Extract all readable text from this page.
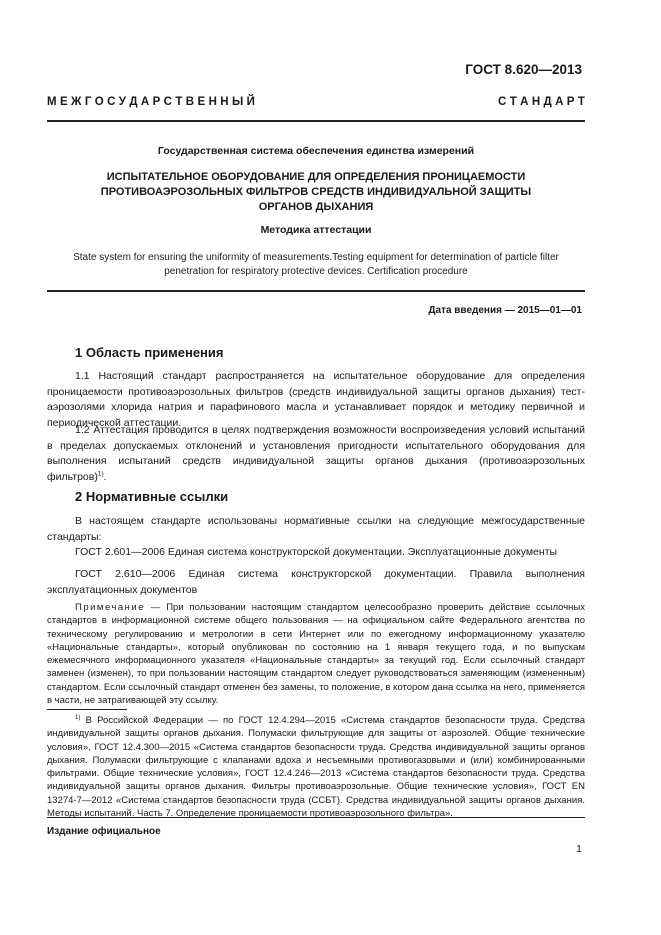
ГОСТ 8.620—2013
М Е Ж Г О С У Д А Р С Т В Е Н Н Ы Й	С Т А Н Д А Р Т
Государственная система обеспечения единства измерений
ИСПЫТАТЕЛЬНОЕ ОБОРУДОВАНИЕ ДЛЯ ОПРЕДЕЛЕНИЯ ПРОНИЦАЕМОСТИ
ПРОТИВОАЭРОЗОЛЬНЫХ ФИЛЬТРОВ СРЕДСТВ ИНДИВИДУАЛЬНОЙ ЗАЩИТЫ
ОРГАНОВ ДЫХАНИЯ
Методика аттестации
State system for ensuring the uniformity of measurements.Testing equipment for determination of particle filter
penetration for respiratory protective devices. Certification procedure
Дата введения — 2015—01—01
1 Область применения
1.1 Настоящий стандарт распространяется на испытательное оборудование для определения проницаемости противоаэрозольных фильтров (средств индивидуальной защиты органов дыхания) тест-аэрозолями хлорида натрия и парафинового масла и устанавливает порядок и методику первичной и периодической аттестации.
1.2 Аттестация проводится в целях подтверждения возможности воспроизведения условий испытаний в пределах допускаемых отклонений и установления пригодности испытательного оборудования для выполнения испытаний средств индивидуальной защиты органов дыхания (противоаэрозольных фильтров)$^{1)}$.
2 Нормативные ссылки
В настоящем стандарте использованы нормативные ссылки на следующие межгосударственные стандарты:
ГОСТ 2.601—2006 Единая система конструкторской документации. Эксплуатационные документы
ГОСТ 2.610—2006 Единая система конструкторской документации. Правила выполнения эксплуатационных документов
Примечание — При пользовании настоящим стандартом целесообразно проверить действие ссылочных стандартов в информационной системе общего пользования — на официальном сайте Федерального агентства по техническому регулированию и метрологии в сети Интернет или по ежегодному информационному указателю «Национальные стандарты», который опубликован по состоянию на 1 января текущего года, и по выпускам ежемесячного информационного указателя «Национальные стандарты» за текущий год. Если ссылочный стандарт заменен (изменен), то при пользовании настоящим стандартом следует руководствоваться заменяющим (измененным) стандартом. Если ссылочный стандарт отменен без замены, то положение, в котором дана ссылка на него, применяется в части, не затрагивающей эту ссылку.
$^{1)}$ В Российской Федерации — по ГОСТ 12.4.294—2015 «Система стандартов безопасности труда. Средства индивидуальной защиты органов дыхания. Полумаски фильтрующие для защиты от аэрозолей. Общие технические условия», ГОСТ 12.4.300—2015 «Система стандартов безопасности труда. Средства индивидуальной защиты органов дыхания. Полумаски фильтрующие с клапанами вдоха и несъемными противогазовыми и (или) комбинированными фильтрами. Общие технические условия», ГОСТ 12.4.246—2013 «Система стандартов безопасности труда. Средства индивидуальной защиты органов дыхания. Фильтры противоаэрозольные. Общие технические условия», ГОСТ EN 13274-7—2012 «Система стандартов безопасности труда (ССБТ). Средства индивидуальной защиты органов дыхания. Методы испытаний. Часть 7. Определение проницаемости противоаэрозольного фильтра».
Издание официальное
1
